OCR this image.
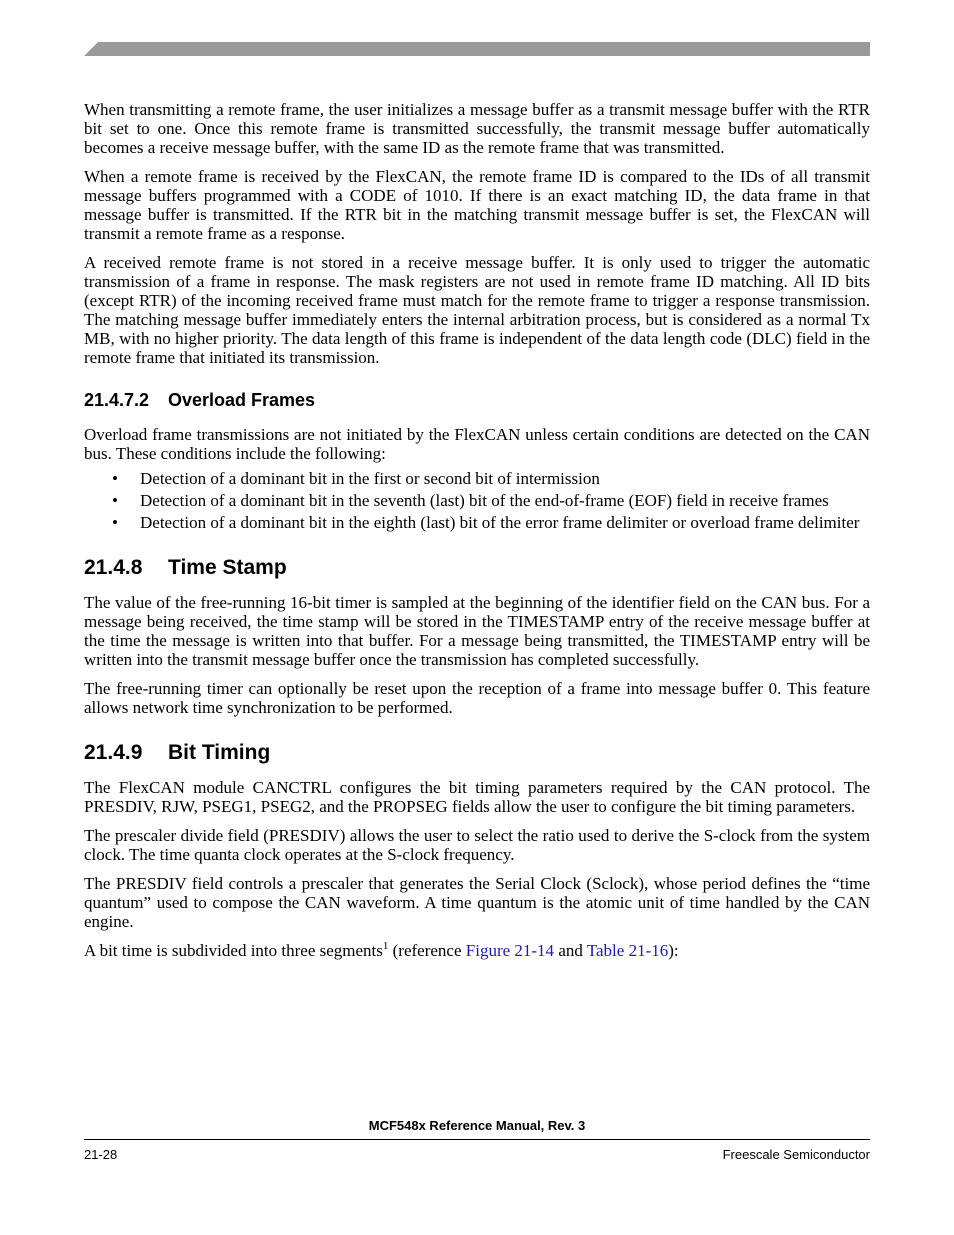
When transmitting a remote frame, the user initializes a message buffer as a transmit message buffer with the RTR bit set to one. Once this remote frame is transmitted successfully, the transmit message buffer automatically becomes a receive message buffer, with the same ID as the remote frame that was transmitted.

When a remote frame is received by the FlexCAN, the remote frame ID is compared to the IDs of all transmit message buffers programmed with a CODE of 1010. If there is an exact matching ID, the data frame in that message buffer is transmitted. If the RTR bit in the matching transmit message buffer is set, the FlexCAN will transmit a remote frame as a response.

A received remote frame is not stored in a receive message buffer. It is only used to trigger the automatic transmission of a frame in response. The mask registers are not used in remote frame ID matching. All ID bits (except RTR) of the incoming received frame must match for the remote frame to trigger a response transmission. The matching message buffer immediately enters the internal arbitration process, but is considered as a normal Tx MB, with no higher priority. The data length of this frame is independent of the data length code (DLC) field in the remote frame that initiated its transmission.

21.4.7.2 Overload Frames

Overload frame transmissions are not initiated by the FlexCAN unless certain conditions are detected on the CAN bus. These conditions include the following:

• Detection of a dominant bit in the first or second bit of intermission
• Detection of a dominant bit in the seventh (last) bit of the end-of-frame (EOF) field in receive frames
• Detection of a dominant bit in the eighth (last) bit of the error frame delimiter or overload frame delimiter
21.4.8 Time Stamp

The value of the free-running 16-bit timer is sampled at the beginning of the identifier field on the CAN bus. For a message being received, the time stamp will be stored in the TIMESTAMP entry of the receive message buffer at the time the message is written into that buffer. For a message being transmitted, the TIMESTAMP entry will be written into the transmit message buffer once the transmission has completed successfully.

The free-running timer can optionally be reset upon the reception of a frame into message buffer 0. This feature allows network time synchronization to be performed.

21.4.9 Bit Timing

The FlexCAN module CANCTRL configures the bit timing parameters required by the CAN protocol. The PRESDIV, RJW, PSEG1, PSEG2, and the PROPSEG fields allow the user to configure the bit timing parameters.

The prescaler divide field (PRESDIV) allows the user to select the ratio used to derive the S-clock from the system clock. The time quanta clock operates at the S-clock frequency.

The PRESDIV field controls a prescaler that generates the Serial Clock (Sclock), whose period defines the “time quantum” used to compose the CAN waveform. A time quantum is the atomic unit of time handled by the CAN engine.

A bit time is subdivided into three segments$^1$ (reference Figure 21-14 and Table 21-16):

MCF548x Reference Manual, Rev. 3
21-28	Freescale Semiconductor
